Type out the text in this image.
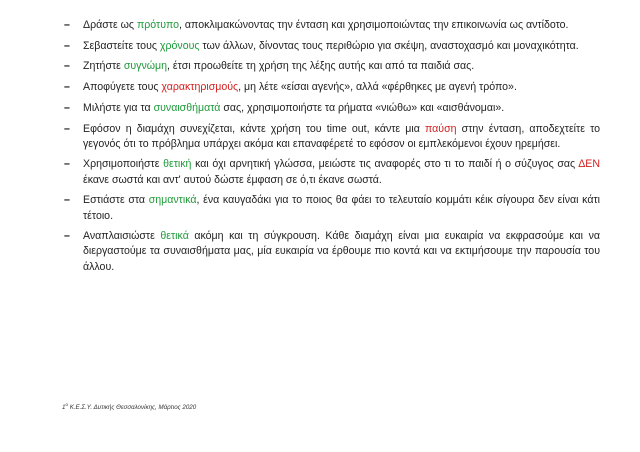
– Δράστε ως πρότυπο, αποκλιμακώνοντας την ένταση και χρησιμοποιώντας την επικοινωνία ως αντίδοτο.
– Σεβαστείτε τους χρόνους των άλλων, δίνοντας τους περιθώριο για σκέψη, αναστοχασμό και μοναχικότητα.
– Ζητήστε συγνώμη, έτσι προωθείτε τη χρήση της λέξης αυτής και από τα παιδιά σας.
– Αποφύγετε τους χαρακτηρισμούς, μη λέτε «είσαι αγενής», αλλά «φέρθηκες με αγενή τρόπο».
– Μιλήστε για τα συναισθήματά σας, χρησιμοποιήστε τα ρήματα «νιώθω» και «αισθάνομαι».
– Εφόσον η διαμάχη συνεχίζεται, κάντε χρήση του time out, κάντε μια παύση στην ένταση, αποδεχτείτε το γεγονός ότι το πρόβλημα υπάρχει ακόμα και επαναφέρετέ το εφόσον οι εμπλεκόμενοι έχουν ηρεμήσει.
– Χρησιμοποιήστε θετική και όχι αρνητική γλώσσα, μειώστε τις αναφορές στο τι το παιδί ή ο σύζυγος σας ΔΕΝ έκανε σωστά και αντ' αυτού δώστε έμφαση σε ό,τι έκανε σωστά.
– Εστιάστε στα σημαντικά, ένα καυγαδάκι για το ποιος θα φάει το τελευταίο κομμάτι κέικ σίγουρα δεν είναι κάτι τέτοιο.
– Αναπλαισιώστε θετικά ακόμη και τη σύγκρουση. Κάθε διαμάχη είναι μια ευκαιρία να εκφρασούμε και να διεργαστούμε τα συναισθήματα μας, μία ευκαιρία να έρθουμε πιο κοντά και να εκτιμήσουμε την παρουσία του άλλου.
$1^o$ Κ.Ε.Σ.Υ. Δυτικής Θεσσαλονίκης, Μάρτιος 2020
